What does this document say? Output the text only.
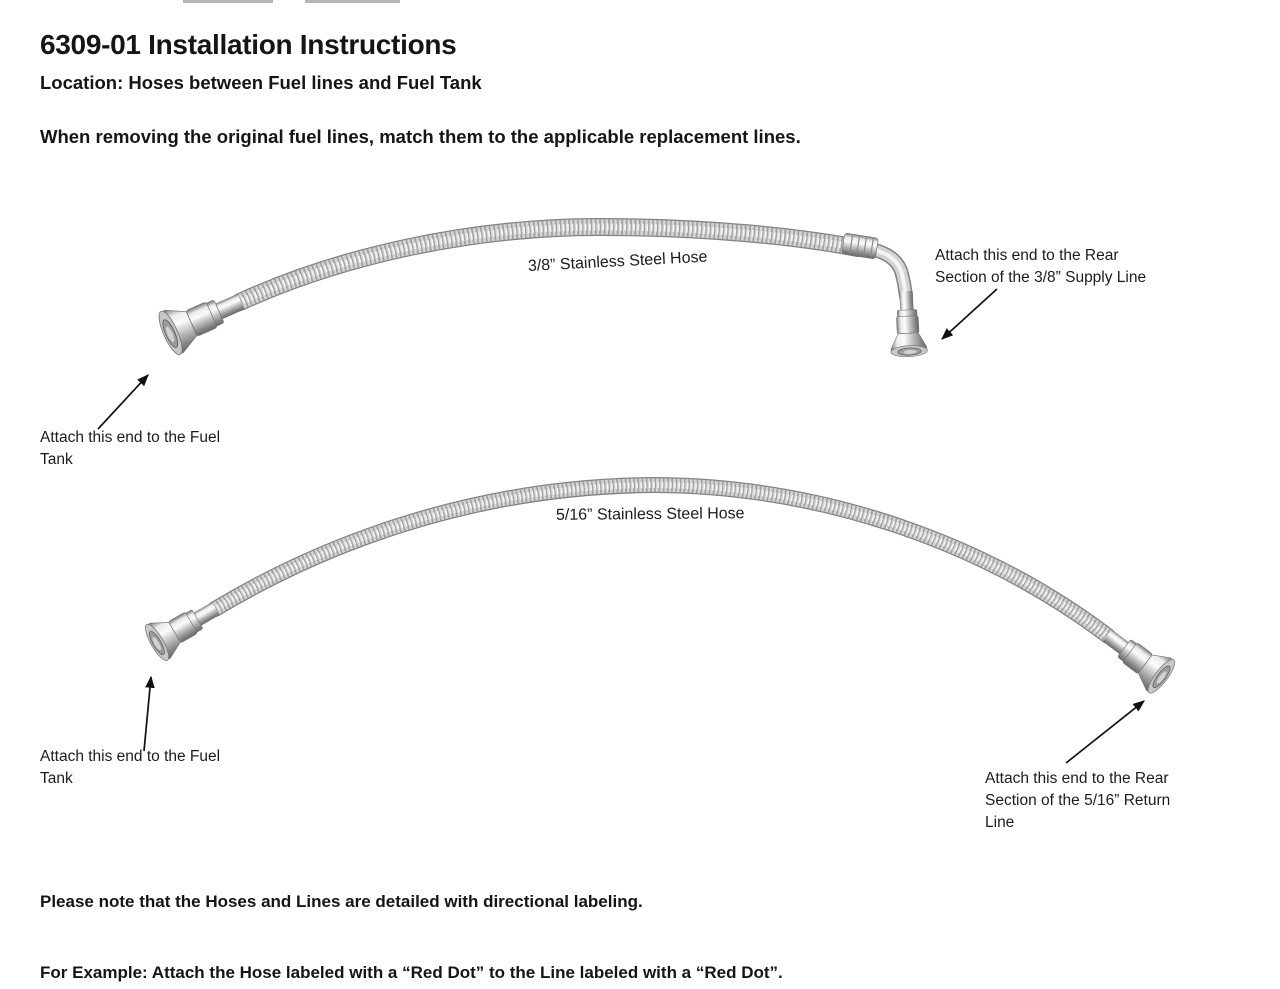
6309-01 Installation Instructions
Location: Hoses between Fuel lines and Fuel Tank
When removing the original fuel lines, match them to the applicable replacement lines.
3/8” Stainless Steel Hose
Attach this end to the Fuel Tank
Attach this end to the Rear Section of the 3/8” Supply Line
5/16” Stainless Steel Hose
Attach this end to the Fuel Tank	Attach this end to the Rear Section of the 5/16” Return Line

Please note that the Hoses and Lines are detailed with directional labeling.

For Example: Attach the Hose labeled with a “Red Dot” to the Line labeled with a “Red Dot”.
